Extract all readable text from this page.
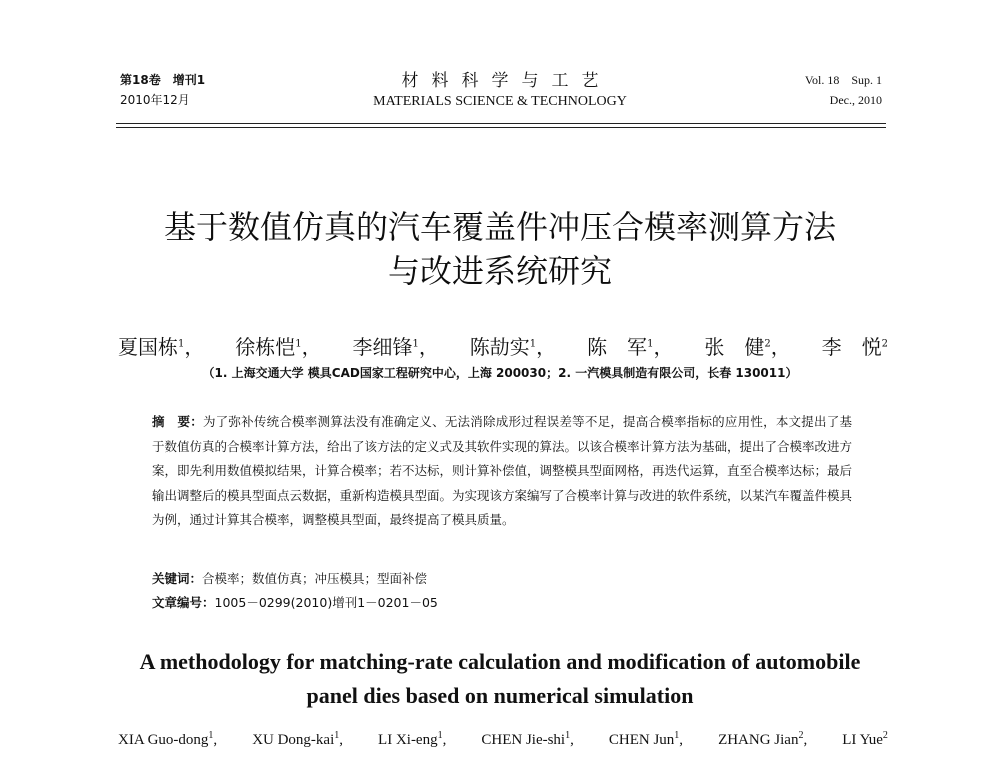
第18卷　增刊1
2010年12月
材料科学与工艺
MATERIALS SCIENCE & TECHNOLOGY
Vol. 18　Sup. 1
Dec., 2010
基于数值仿真的汽车覆盖件冲压合模率测算方法
与改进系统研究
夏国栋$^1$， 徐栋恺$^1$， 李细锋$^1$， 陈劼实$^1$， 陈　军$^1$， 张　健$^2$， 李　悦$^2$
（1. 上海交通大学 模具CAD国家工程研究中心，上海 200030；2. 一汽模具制造有限公司，长春 130011）
摘　要：为了弥补传统合模率测算法没有准确定义、无法消除成形过程误差等不足，提高合模率指标的应用性，本文提出了基于数值仿真的合模率计算方法，给出了该方法的定义式及其软件实现的算法。以该合模率计算方法为基础，提出了合模率改进方案，即先利用数值模拟结果，计算合模率；若不达标，则计算补偿值，调整模具型面网格，再迭代运算，直至合模率达标；最后输出调整后的模具型面点云数据，重新构造模具型面。为实现该方案编写了合模率计算与改进的软件系统，以某汽车覆盖件模具为例，通过计算其合模率，调整模具型面，最终提高了模具质量。
关键词：合模率；数值仿真；冲压模具；型面补偿
文章编号：1005－0299(2010)增刊1－0201－05
A methodology for matching-rate calculation and modification of automobile
panel dies based on numerical simulation
XIA Guo-dong$^1$, XU Dong-kai$^1$, LI Xi-eng$^1$, CHEN Jie-shi$^1$, CHEN Jun$^1$, ZHANG Jian$^2$, LI Yue$^2$
